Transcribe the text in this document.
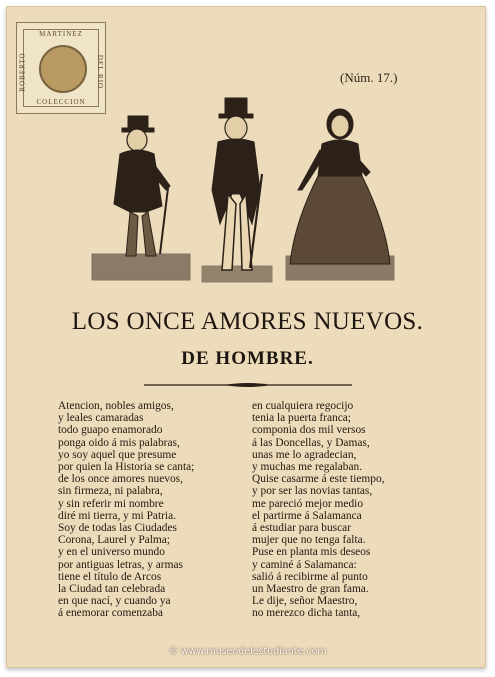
MARTINEZ
ROBERTO	DEL RIO
COLECCION
(Núm. 17.)
LOS ONCE AMORES NUEVOS.
DE HOMBRE.
Atencion, nobles amigos,
y leales camaradas
todo guapo enamorado
ponga oido á mis palabras,
yo soy aquel que presume
por quien la Historia se canta;
de los once amores nuevos,
sin firmeza, ni palabra,
y sin referir mi nombre
diré mi tierra, y mi Patria.
Soy de todas las Ciudades
Corona, Laurel y Palma;
y en el universo mundo
por antiguas letras, y armas
tiene el título de Arcos
la Ciudad tan celebrada
en que nací, y cuando ya
á enemorar comenzaba
en cualquiera regocijo
tenia la puerta franca;
componia dos mil versos
á las Doncellas, y Damas,
unas me lo agradecian,
y muchas me regalaban.
Quise casarme á este tiempo,
y por ser las novias tantas,
me pareció mejor medio
el partirme á Salamanca
á estudiar para buscar
mujer que no tenga falta.
Puse en planta mis deseos
y caminé á Salamanca:
salió á recibirme al punto
un Maestro de gran fama.
Le dije, señor Maestro,
no merezco dicha tanta,
© www.museodelestudiante.com
